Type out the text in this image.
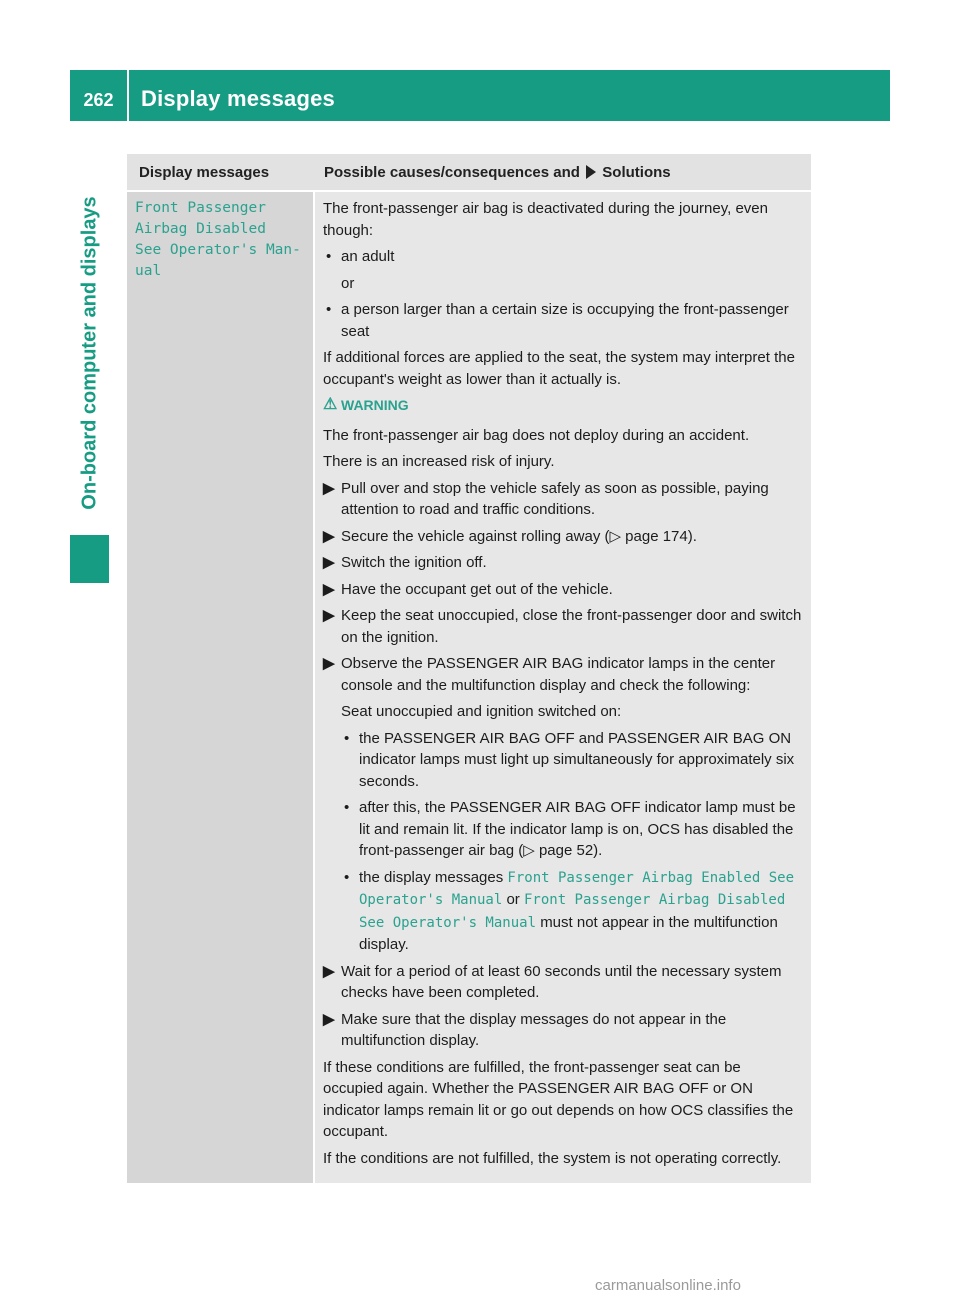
262	Display messages
On-board computer and displays
Display messages	Possible causes/consequences and Solutions
Front Passenger
Airbag Disabled
See Operator's Man‐
ual

The front-passenger air bag is deactivated during the journey, even though:

• an adult
or
• a person larger than a certain size is occupying the front-passenger seat

If additional forces are applied to the seat, the system may interpret the occupant's weight as lower than it actually is.

⚠ WARNING

The front-passenger air bag does not deploy during an accident.

There is an increased risk of injury.

▶ Pull over and stop the vehicle safely as soon as possible, paying attention to road and traffic conditions.
▶ Secure the vehicle against rolling away (▷ page 174).
▶ Switch the ignition off.
▶ Have the occupant get out of the vehicle.
▶ Keep the seat unoccupied, close the front-passenger door and switch on the ignition.
▶ Observe the PASSENGER AIR BAG indicator lamps in the center console and the multifunction display and check the following:
Seat unoccupied and ignition switched on:
• the PASSENGER AIR BAG OFF and PASSENGER AIR BAG ON indicator lamps must light up simultaneously for approximately six seconds.
• after this, the PASSENGER AIR BAG OFF indicator lamp must be lit and remain lit. If the indicator lamp is on, OCS has disabled the front-passenger air bag (▷ page 52).
• the display messages Front Passenger Airbag Enabled See Operator's Manual or Front Passenger Airbag Disabled See Operator's Manual must not appear in the multifunction display.
▶ Wait for a period of at least 60 seconds until the necessary system checks have been completed.
▶ Make sure that the display messages do not appear in the multifunction display.

If these conditions are fulfilled, the front-passenger seat can be occupied again. Whether the PASSENGER AIR BAG OFF or ON indicator lamps remain lit or go out depends on how OCS classifies the occupant.

If the conditions are not fulfilled, the system is not operating correctly.

carmanualsonline.info
